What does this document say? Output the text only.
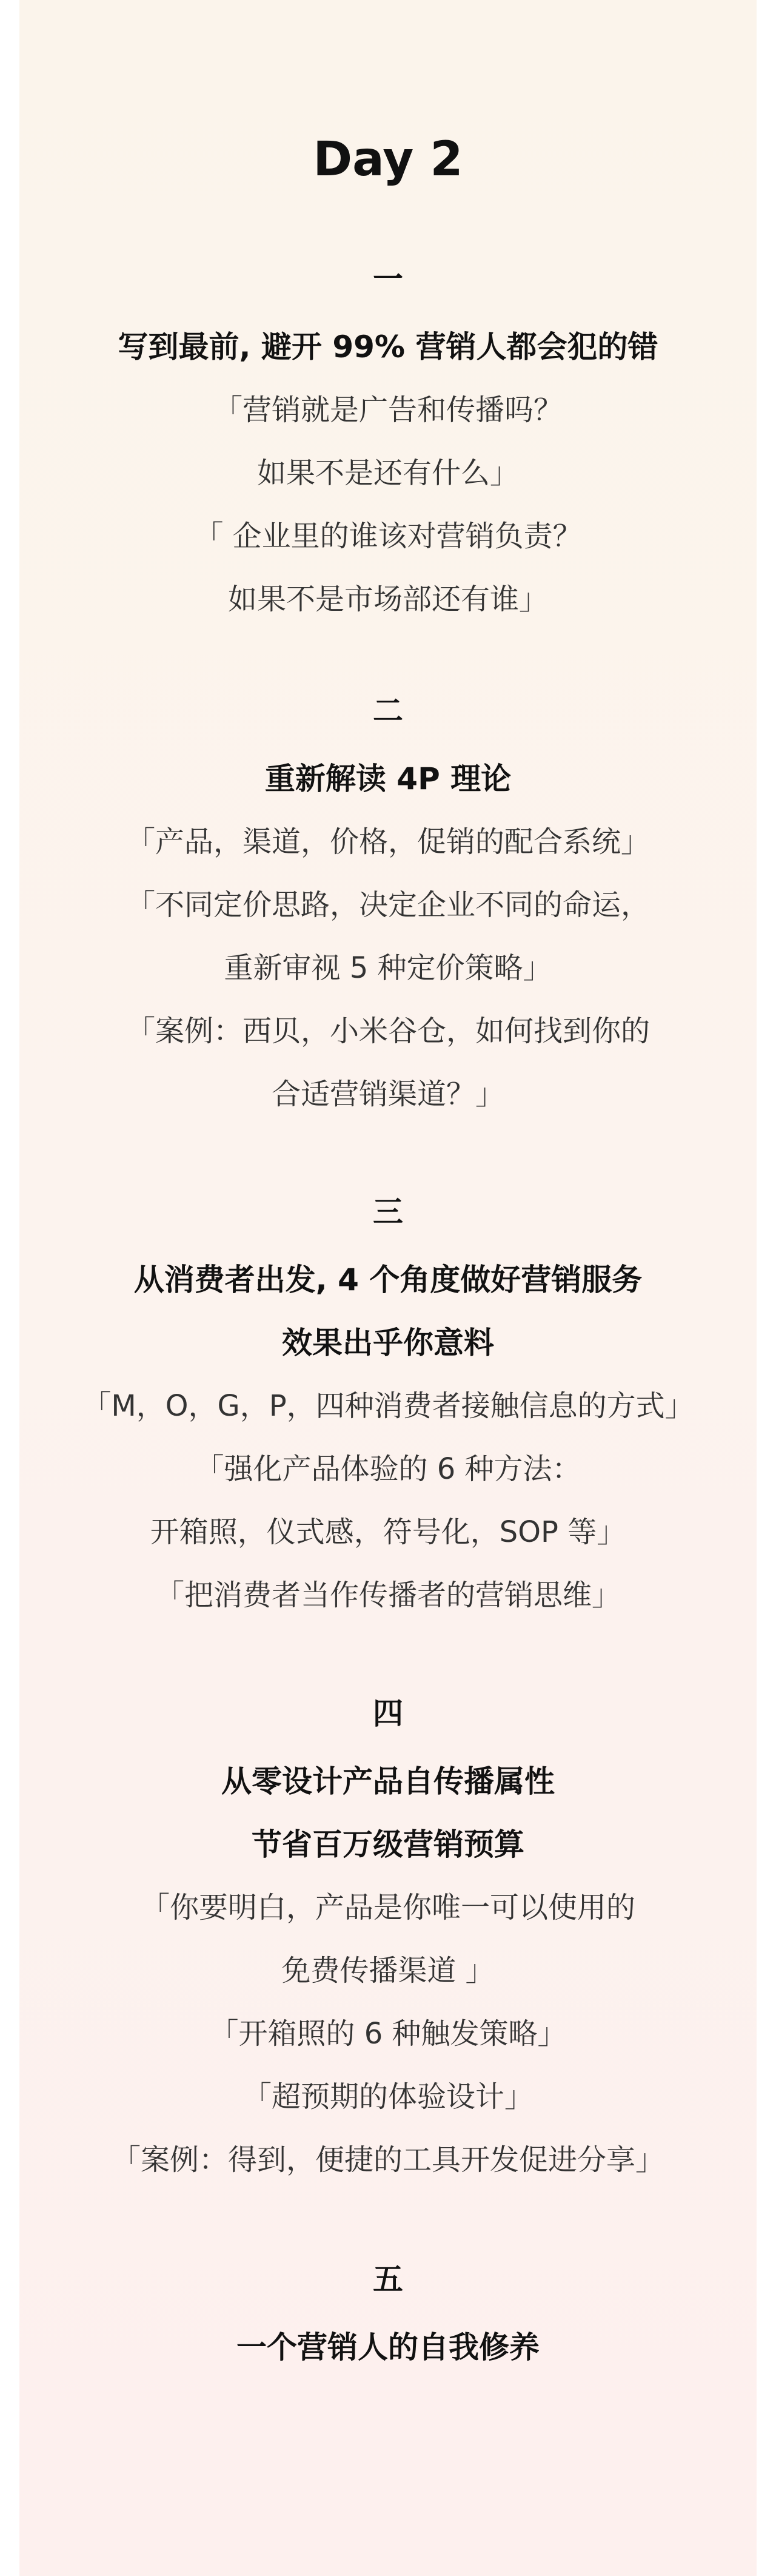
Day 2
一
写到最前, 避开 99% 营销人都会犯的错
「营销就是广告和传播吗？
如果不是还有什么」
「 企业里的谁该对营销负责？
如果不是市场部还有谁」
二
重新解读 4P 理论
「产品，渠道，价格，促销的配合系统」
「不同定价思路，决定企业不同的命运，
重新审视 5 种定价策略」
「案例：西贝，小米谷仓，如何找到你的
合适营销渠道？」
三
从消费者出发, 4 个角度做好营销服务
效果出乎你意料
「M，O，G，P，四种消费者接触信息的方式」
「强化产品体验的 6 种方法：
开箱照，仪式感，符号化，SOP 等」
「把消费者当作传播者的营销思维」
四
从零设计产品自传播属性
节省百万级营销预算
「你要明白，产品是你唯一可以使用的
免费传播渠道 」
「开箱照的 6 种触发策略」
「超预期的体验设计」
「案例：得到，便捷的工具开发促进分享」
五
一个营销人的自我修养
